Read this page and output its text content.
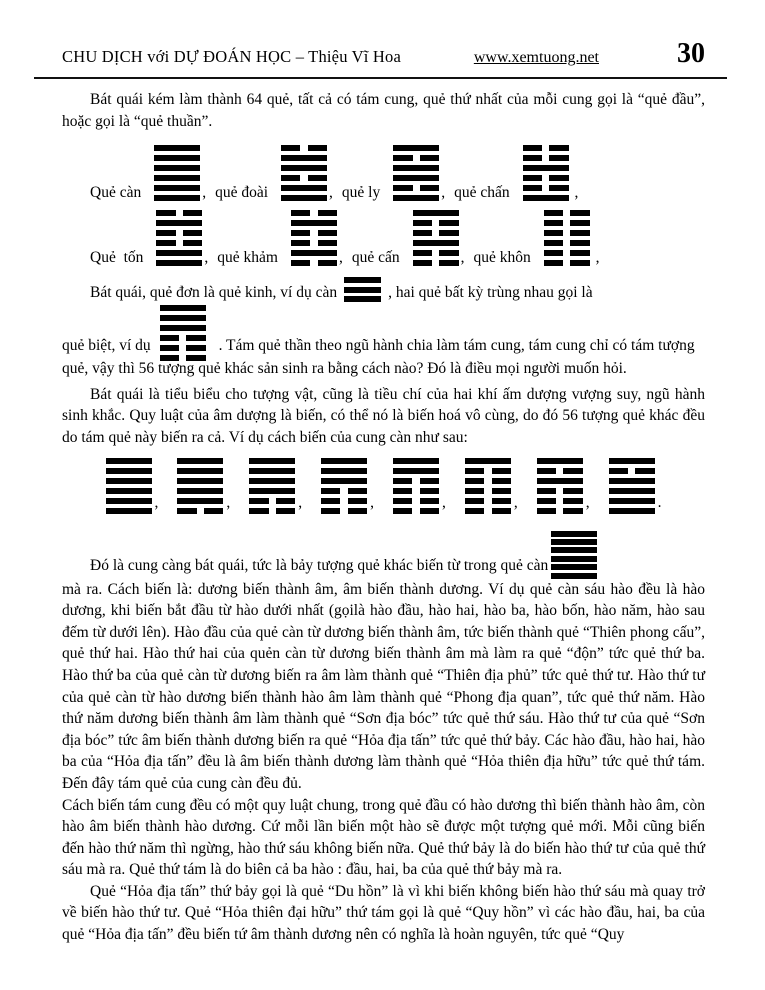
CHU DỊCH với DỰ ĐOÁN HỌC – Thiệu Vĩ Hoa	www.xemtuong.net	30

Bát quái kém làm thành 64 quẻ, tất cả có tám cung, quẻ thứ nhất của mỗi cung gọi là “quẻ đầu”, hoặc gọi là “quẻ thuần”.

Quẻ càn	, quẻ đoài	, quẻ ly	, quẻ chấn	,
Quẻ  tốn	, quẻ khảm	, quẻ cấn	, quẻ khôn	,
Bát quái, quẻ đơn là quẻ kinh, ví dụ càn	, hai quẻ bất kỳ trùng nhau gọi là
quẻ biệt, ví dụ	. Tám quẻ thần theo ngũ hành chia làm tám cung, tám cung chỉ có tám tượng

quẻ, vậy thì 56 tượng quẻ khác sản sinh ra bằng cách nào? Đó là điều mọi người muốn hỏi.

Bát quái là tiểu biểu cho tượng vật, cũng là tiều chí của hai khí ấm dượng vượng suy, ngũ hành sinh khắc. Quy luật của âm dượng là biến, có thể nó là biến hoá vô cùng, do đó 56 tượng quẻ khác đều do tám quẻ này biến ra cả. Ví dụ cách biến của cung càn như sau:

,	,	,	,	,	,	,	.
Đó là cung càng bát quái, tức là bảy tượng quẻ khác biến từ trong quẻ càn

mà ra. Cách biến là: dương biến thành âm, âm biến thành dương. Ví dụ quẻ càn sáu hào đều là hào dương, khi biến bắt đầu từ hào dưới nhất (gọilà hào đầu, hào hai, hào ba, hào bốn, hào năm, hào sau đếm từ dưới lên). Hào đầu của quẻ càn từ dương biến thành âm, tức biến thành quẻ “Thiên phong cấu”, quẻ thứ hai. Hào thứ hai của quẻn càn từ dương biến thành âm mà làm ra quẻ “độn” tức quẻ thứ ba. Hào thứ ba của quẻ càn từ dương biến ra âm làm thành quẻ “Thiên địa phủ” tức quẻ thứ tư. Hào thứ tư của quẻ càn từ hào dương biến thành hào âm làm thành quẻ “Phong địa quan”, tức quẻ thứ năm. Hào thứ năm dương biến thành âm làm thành quẻ “Sơn địa bóc” tức quẻ thứ sáu. Hào thứ tư của quẻ “Sơn địa bóc” tức âm biến thành dương biến ra quẻ “Hỏa địa tấn” tức quẻ thứ bảy. Các hào đầu, hào hai, hào ba của “Hỏa địa tấn” đều là âm biến thành dương làm thành quẻ “Hỏa thiên địa hữu” tức quẻ thứ tám. Đến đây tám quẻ của cung càn đều đủ.

Cách biến tám cung đều có một quy luật chung, trong quẻ đầu có hào dương thì biến thành hào âm, còn hào âm biến thành hào dương. Cứ mỗi lần biến một hào sẽ được một tượng quẻ mới. Mỗi cũng biến đến hào thứ năm thì ngừng, hào thứ sáu không biến nữa. Quẻ thứ bảy là do biến hào thứ tư của quẻ thứ sáu mà ra. Quẻ thứ tám là do biên cả ba hào : đầu, hai, ba của quẻ thứ bảy mà ra.

Quẻ “Hỏa địa tấn” thứ bảy gọi là quẻ “Du hồn” là vì khi biến không biến hào thứ sáu mà quay trở về biến hào thứ tư. Quẻ “Hỏa thiên đại hữu” thứ tám gọi là quẻ “Quy hồn” vì các hào đầu, hai, ba của quẻ “Hỏa địa tấn” đều biến tứ âm thành dương nên có nghĩa là hoàn nguyên, tức quẻ “Quy
